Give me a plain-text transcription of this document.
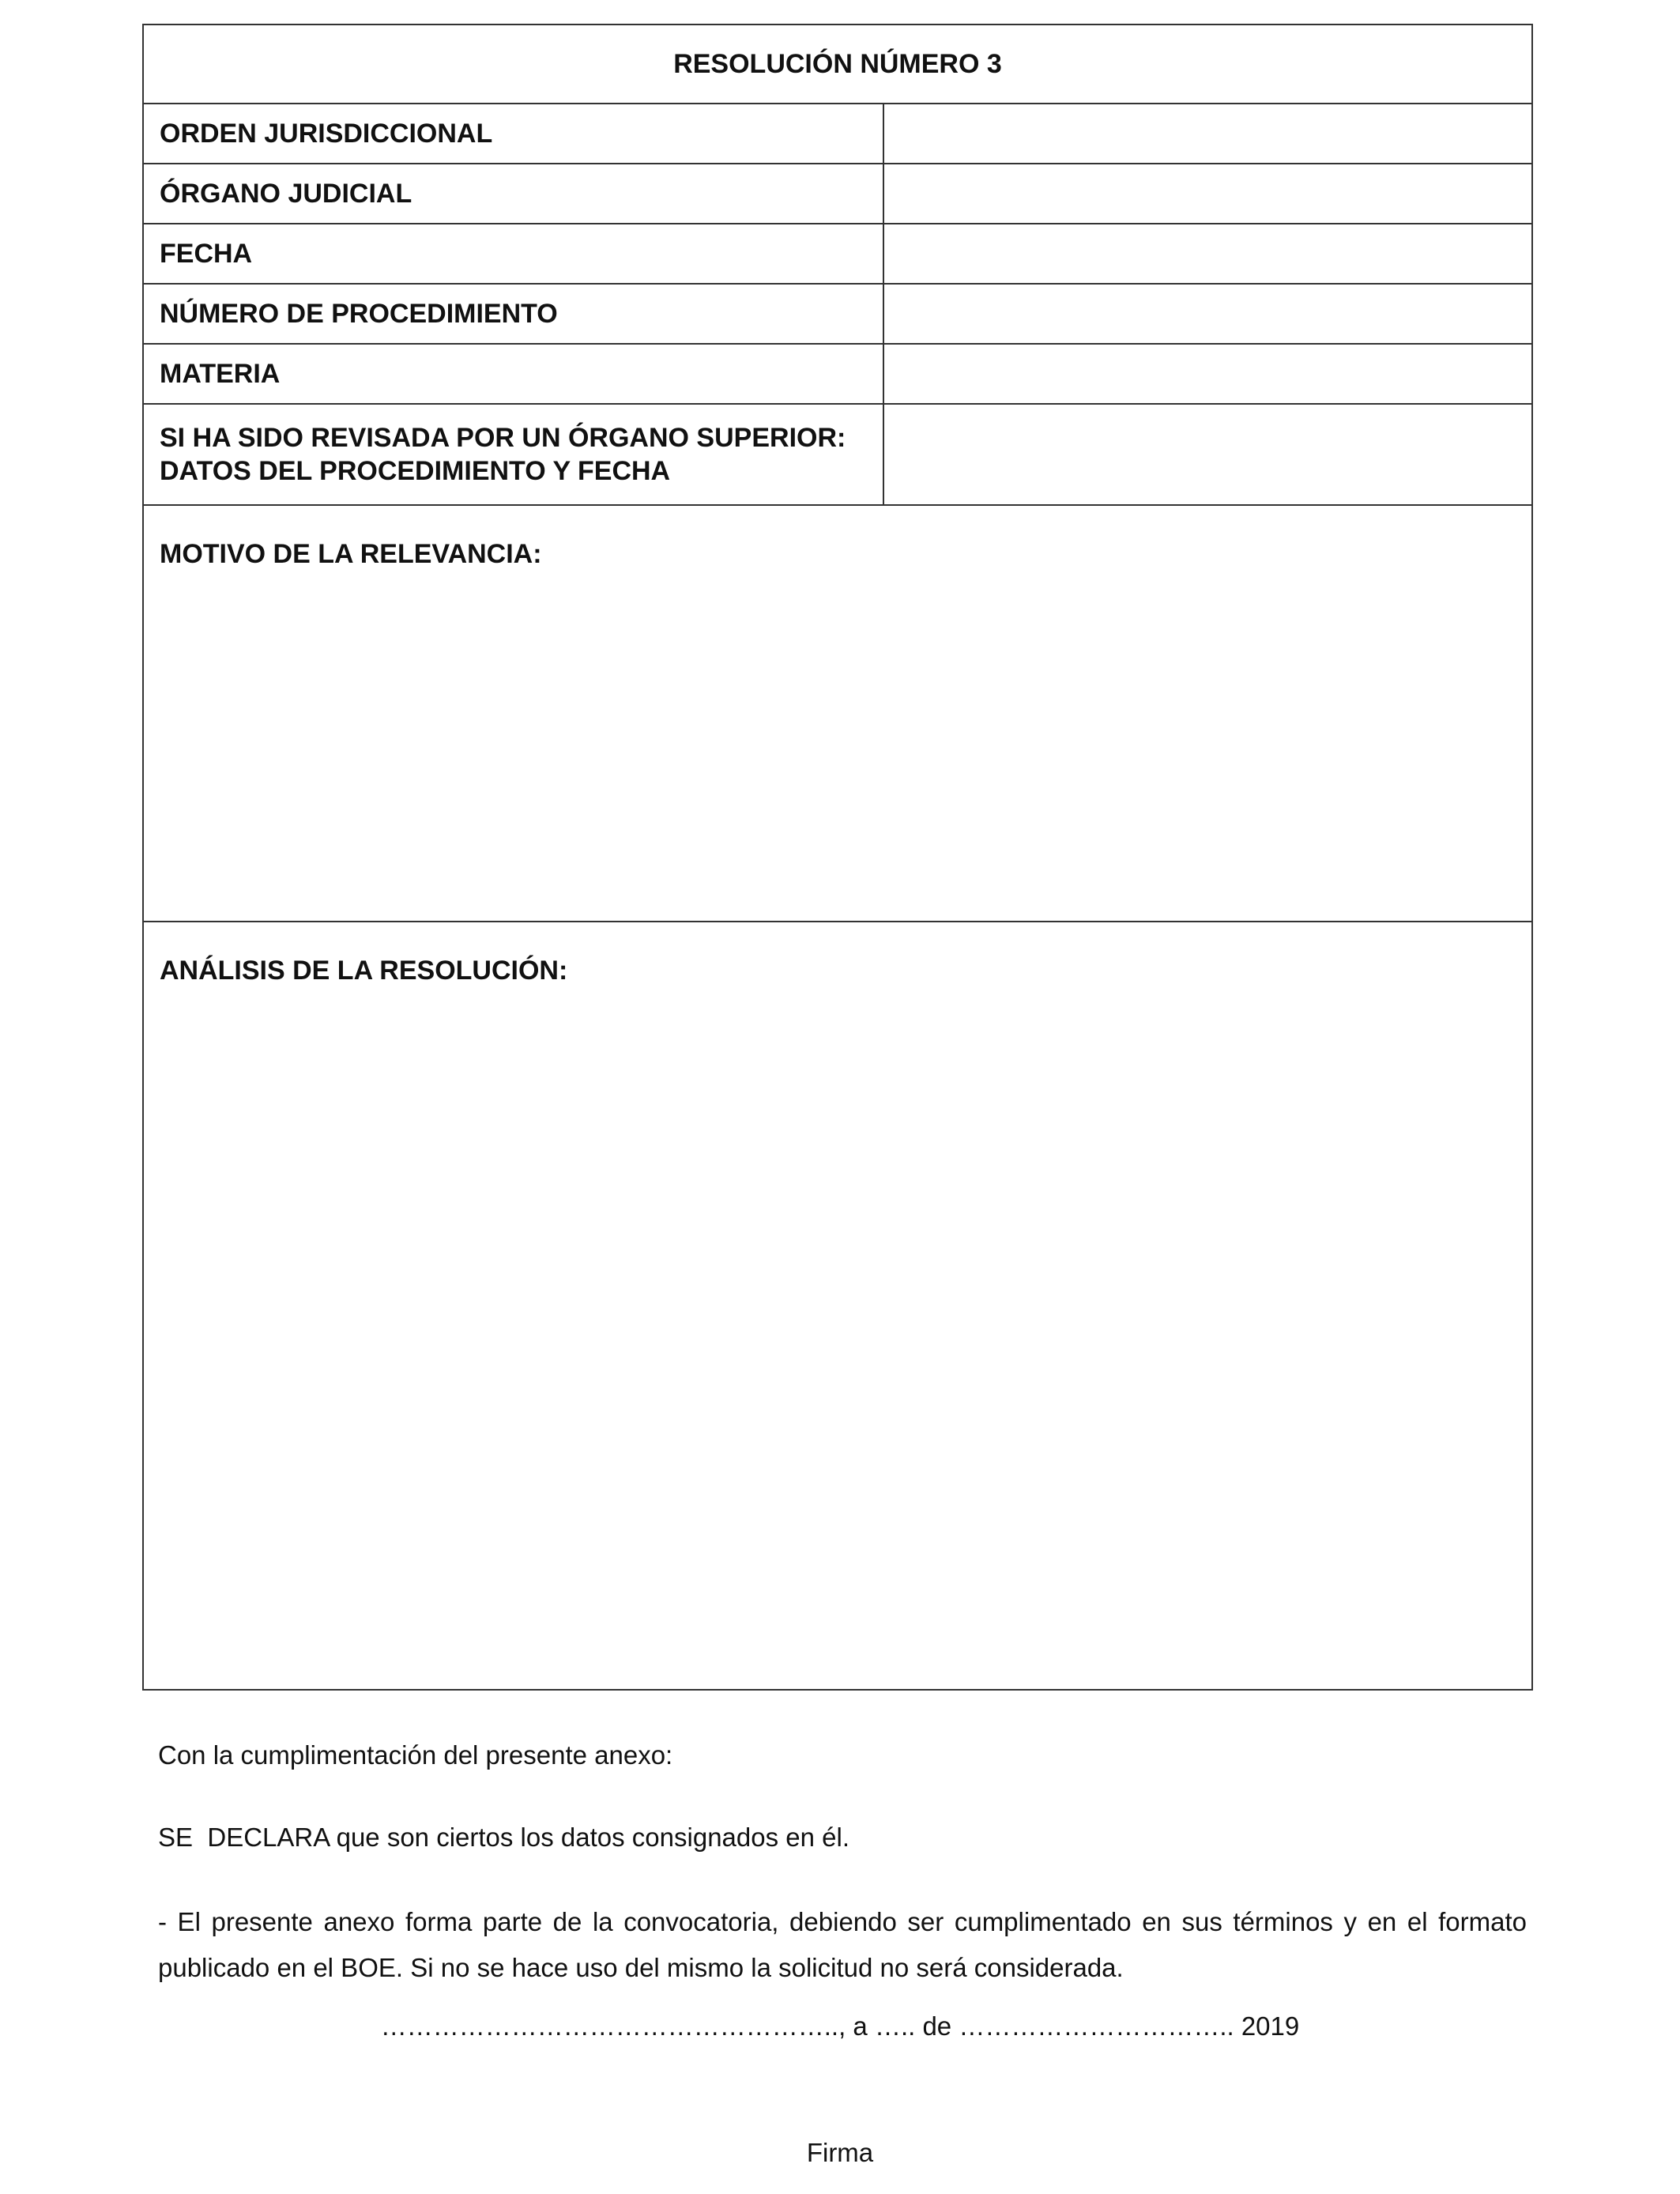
RESOLUCIÓN NÚMERO 3	
ORDEN JURISDICCIONAL	
ÓRGANO JUDICIAL	
FECHA	
NÚMERO DE PROCEDIMIENTO	
MATERIA	

SI HA SIDO REVISADA POR UN ÓRGANO SUPERIOR:
DATOS DEL PROCEDIMIENTO Y FECHA	

MOTIVO DE LA RELEVANCIA:	
ANÁLISIS DE LA RESOLUCIÓN:	
Con la cumplimentación del presente anexo:
SE  DECLARA que son ciertos los datos consignados en él.
- El presente anexo forma parte de la convocatoria, debiendo ser cumplimentado en sus términos y en el formato publicado en el BOE. Si no se hace uso del mismo la solicitud no será considerada.
…………………………………………….., a ….. de ………………………….. 2019
Firma
